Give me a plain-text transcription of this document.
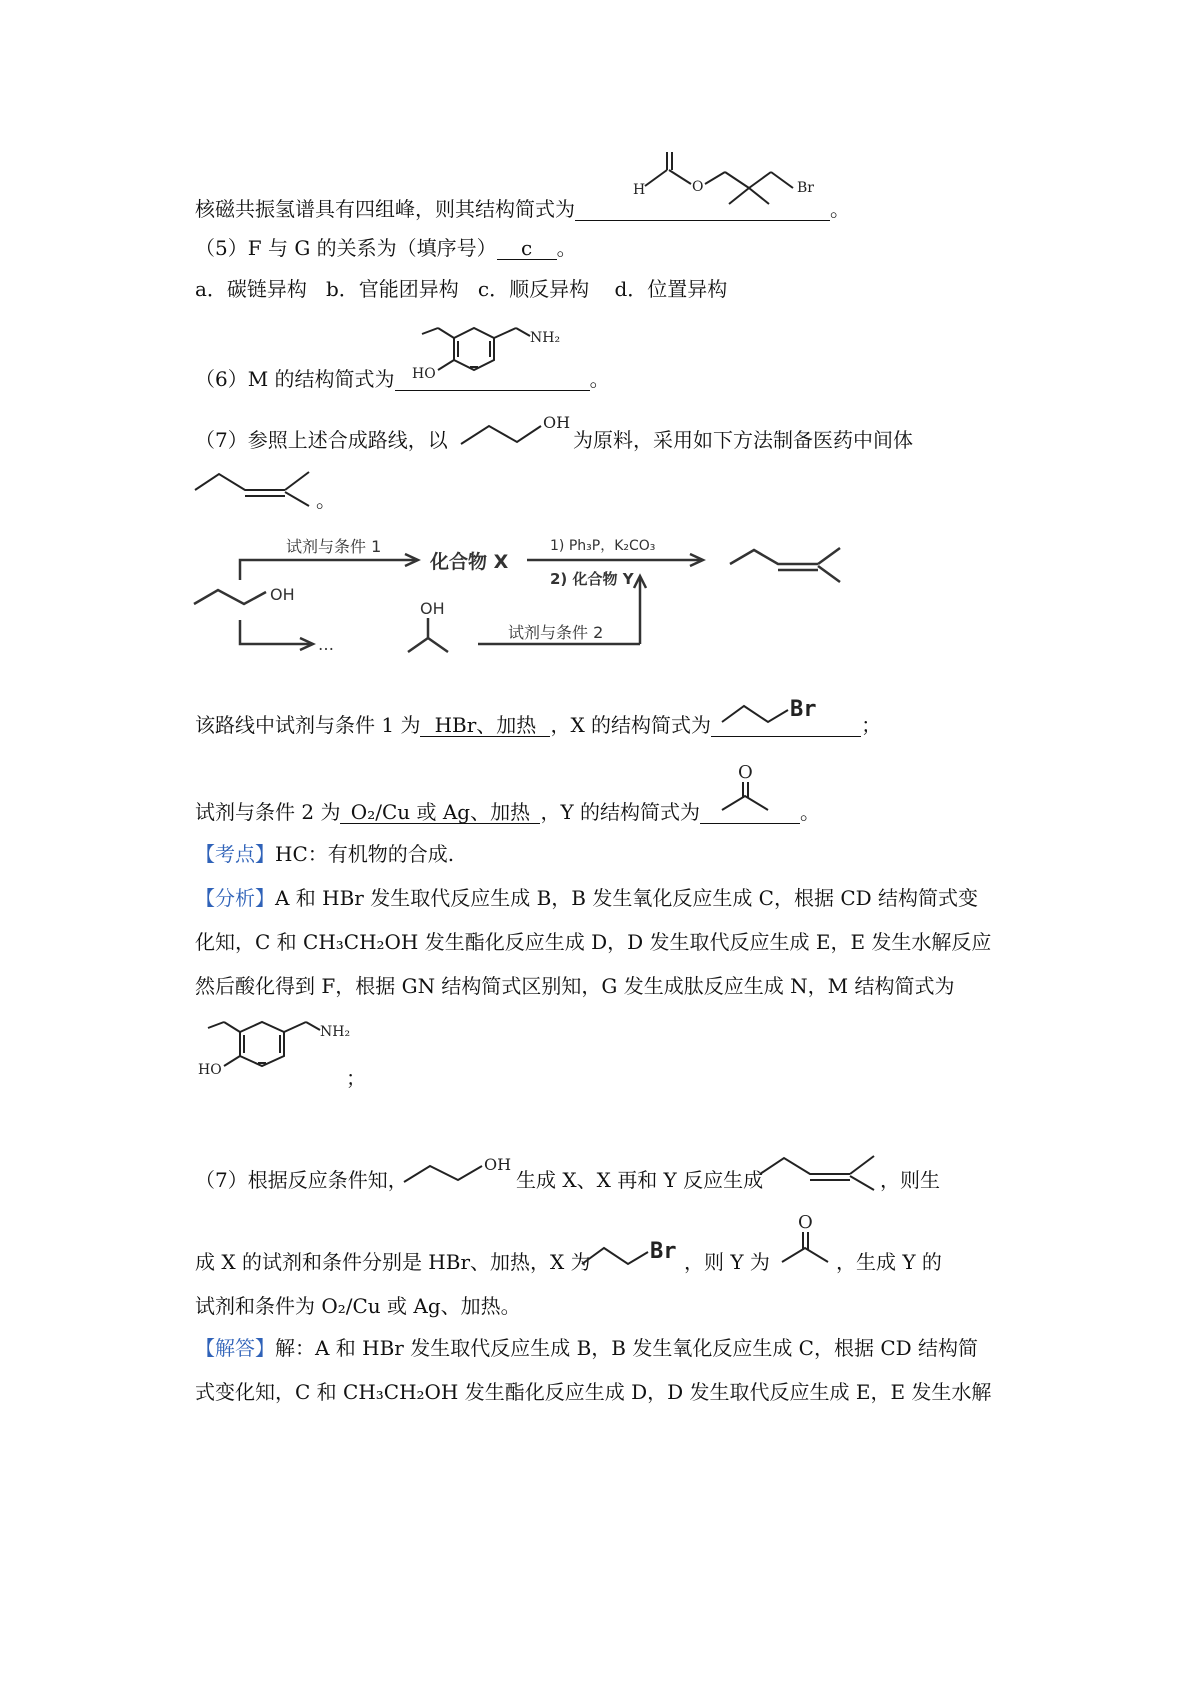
H	O	Br
核磁共振氢谱具有四组峰，则其结构简式为	。
（5）F 与 G 的关系为（填序号） c 。
a．碳链异构   b．官能团异构   c．顺反异构    d．位置异构
HO
NH₂
（6）M 的结构简式为	。
（7）参照上述合成路线，以
OH
为原料，采用如下方法制备医药中间体
。
OH
OH
试剂与条件 1
化合物 X
1) Ph₃P，K₂CO₃
2) 化合物 Y
…
试剂与条件 2
该路线中试剂与条件 1 为 HBr、加热 ，X 的结构简式为	；
Br
O
试剂与条件 2 为 O₂/Cu 或 Ag、加热 ，Y 的结构简式为	。
【考点】HC：有机物的合成.
【分析】A 和 HBr 发生取代反应生成 B，B 发生氧化反应生成 C，根据 CD 结构简式变
化知，C 和 CH₃CH₂OH 发生酯化反应生成 D，D 发生取代反应生成 E，E 发生水解反应
然后酸化得到 F，根据 GN 结构简式区别知，G 发生成肽反应生成 N，M 结构简式为
HO
NH₂
；
（7）根据反应条件知，
OH
生成 X、X 再和 Y 反应生成	，则生
成 X 的试剂和条件分别是 HBr、加热，X 为	Br ，则 Y 为
O
，生成 Y 的
试剂和条件为 O₂/Cu 或 Ag、加热。
【解答】解：A 和 HBr 发生取代反应生成 B，B 发生氧化反应生成 C，根据 CD 结构简
式变化知，C 和 CH₃CH₂OH 发生酯化反应生成 D，D 发生取代反应生成 E，E 发生水解
